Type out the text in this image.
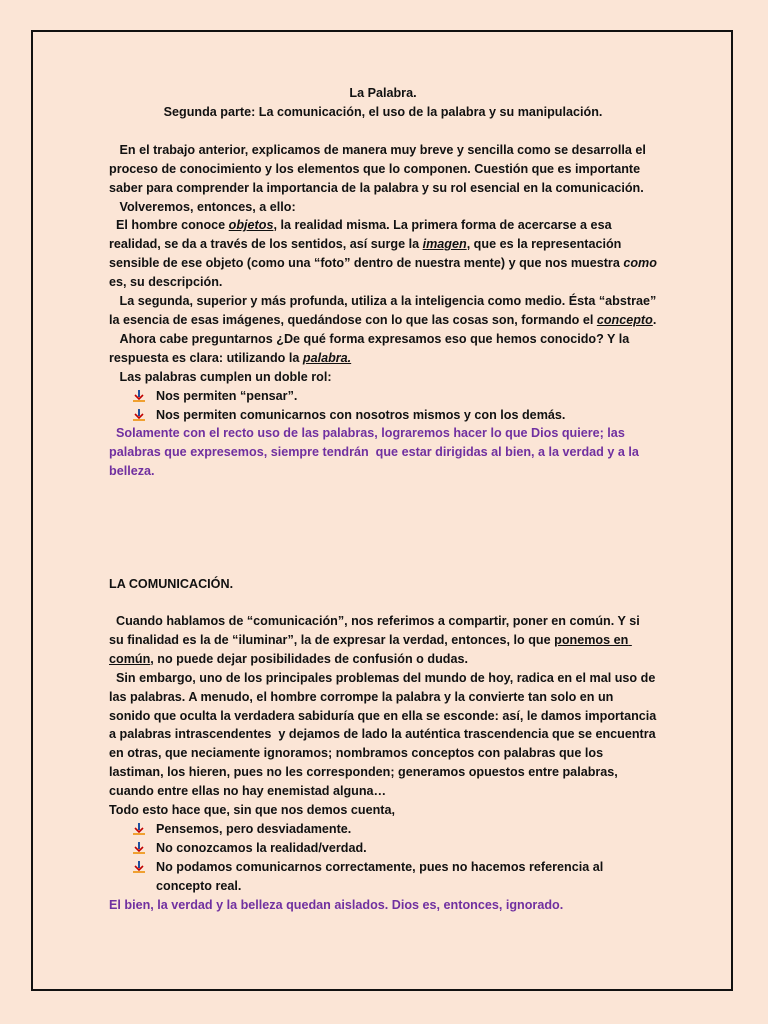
La Palabra.

Segunda parte: La comunicación, el uso de la palabra y su manipulación.

En el trabajo anterior, explicamos de manera muy breve y sencilla como se desarrolla el proceso de conocimiento y los elementos que lo componen. Cuestión que es importante saber para comprender la importancia de la palabra y su rol esencial en la comunicación.

Volveremos, entonces, a ello:

El hombre conoce objetos, la realidad misma. La primera forma de acercarse a esa realidad, se da a través de los sentidos, así surge la imagen, que es la representación sensible de ese objeto (como una “foto” dentro de nuestra mente) y que nos muestra como es, su descripción.

La segunda, superior y más profunda, utiliza a la inteligencia como medio. Ésta “abstrae” la esencia de esas imágenes, quedándose con lo que las cosas son, formando el concepto.

Ahora cabe preguntarnos ¿De qué forma expresamos eso que hemos conocido? Y la respuesta es clara: utilizando la palabra.

Las palabras cumplen un doble rol:

Nos permiten “pensar”.
Nos permiten comunicarnos con nosotros mismos y con los demás.

Solamente con el recto uso de las palabras, lograremos hacer lo que Dios quiere; las palabras que expresemos, siempre tendrán  que estar dirigidas al bien, a la verdad y a la belleza.

LA COMUNICACIÓN.

Cuando hablamos de “comunicación”, nos referimos a compartir, poner en común. Y si su finalidad es la de “iluminar”, la de expresar la verdad, entonces, lo que ponemos en común, no puede dejar posibilidades de confusión o dudas.

Sin embargo, uno de los principales problemas del mundo de hoy, radica en el mal uso de las palabras. A menudo, el hombre corrompe la palabra y la convierte tan solo en un sonido que oculta la verdadera sabiduría que en ella se esconde: así, le damos importancia a palabras intrascendentes  y dejamos de lado la auténtica trascendencia que se encuentra en otras, que neciamente ignoramos; nombramos conceptos con palabras que los lastiman, los hieren, pues no les corresponden; generamos opuestos entre palabras, cuando entre ellas no hay enemistad alguna…

Todo esto hace que, sin que nos demos cuenta,

Pensemos, pero desviadamente.
No conozcamos la realidad/verdad.
No podamos comunicarnos correctamente, pues no hacemos referencia al concepto real.

El bien, la verdad y la belleza quedan aislados. Dios es, entonces, ignorado.
